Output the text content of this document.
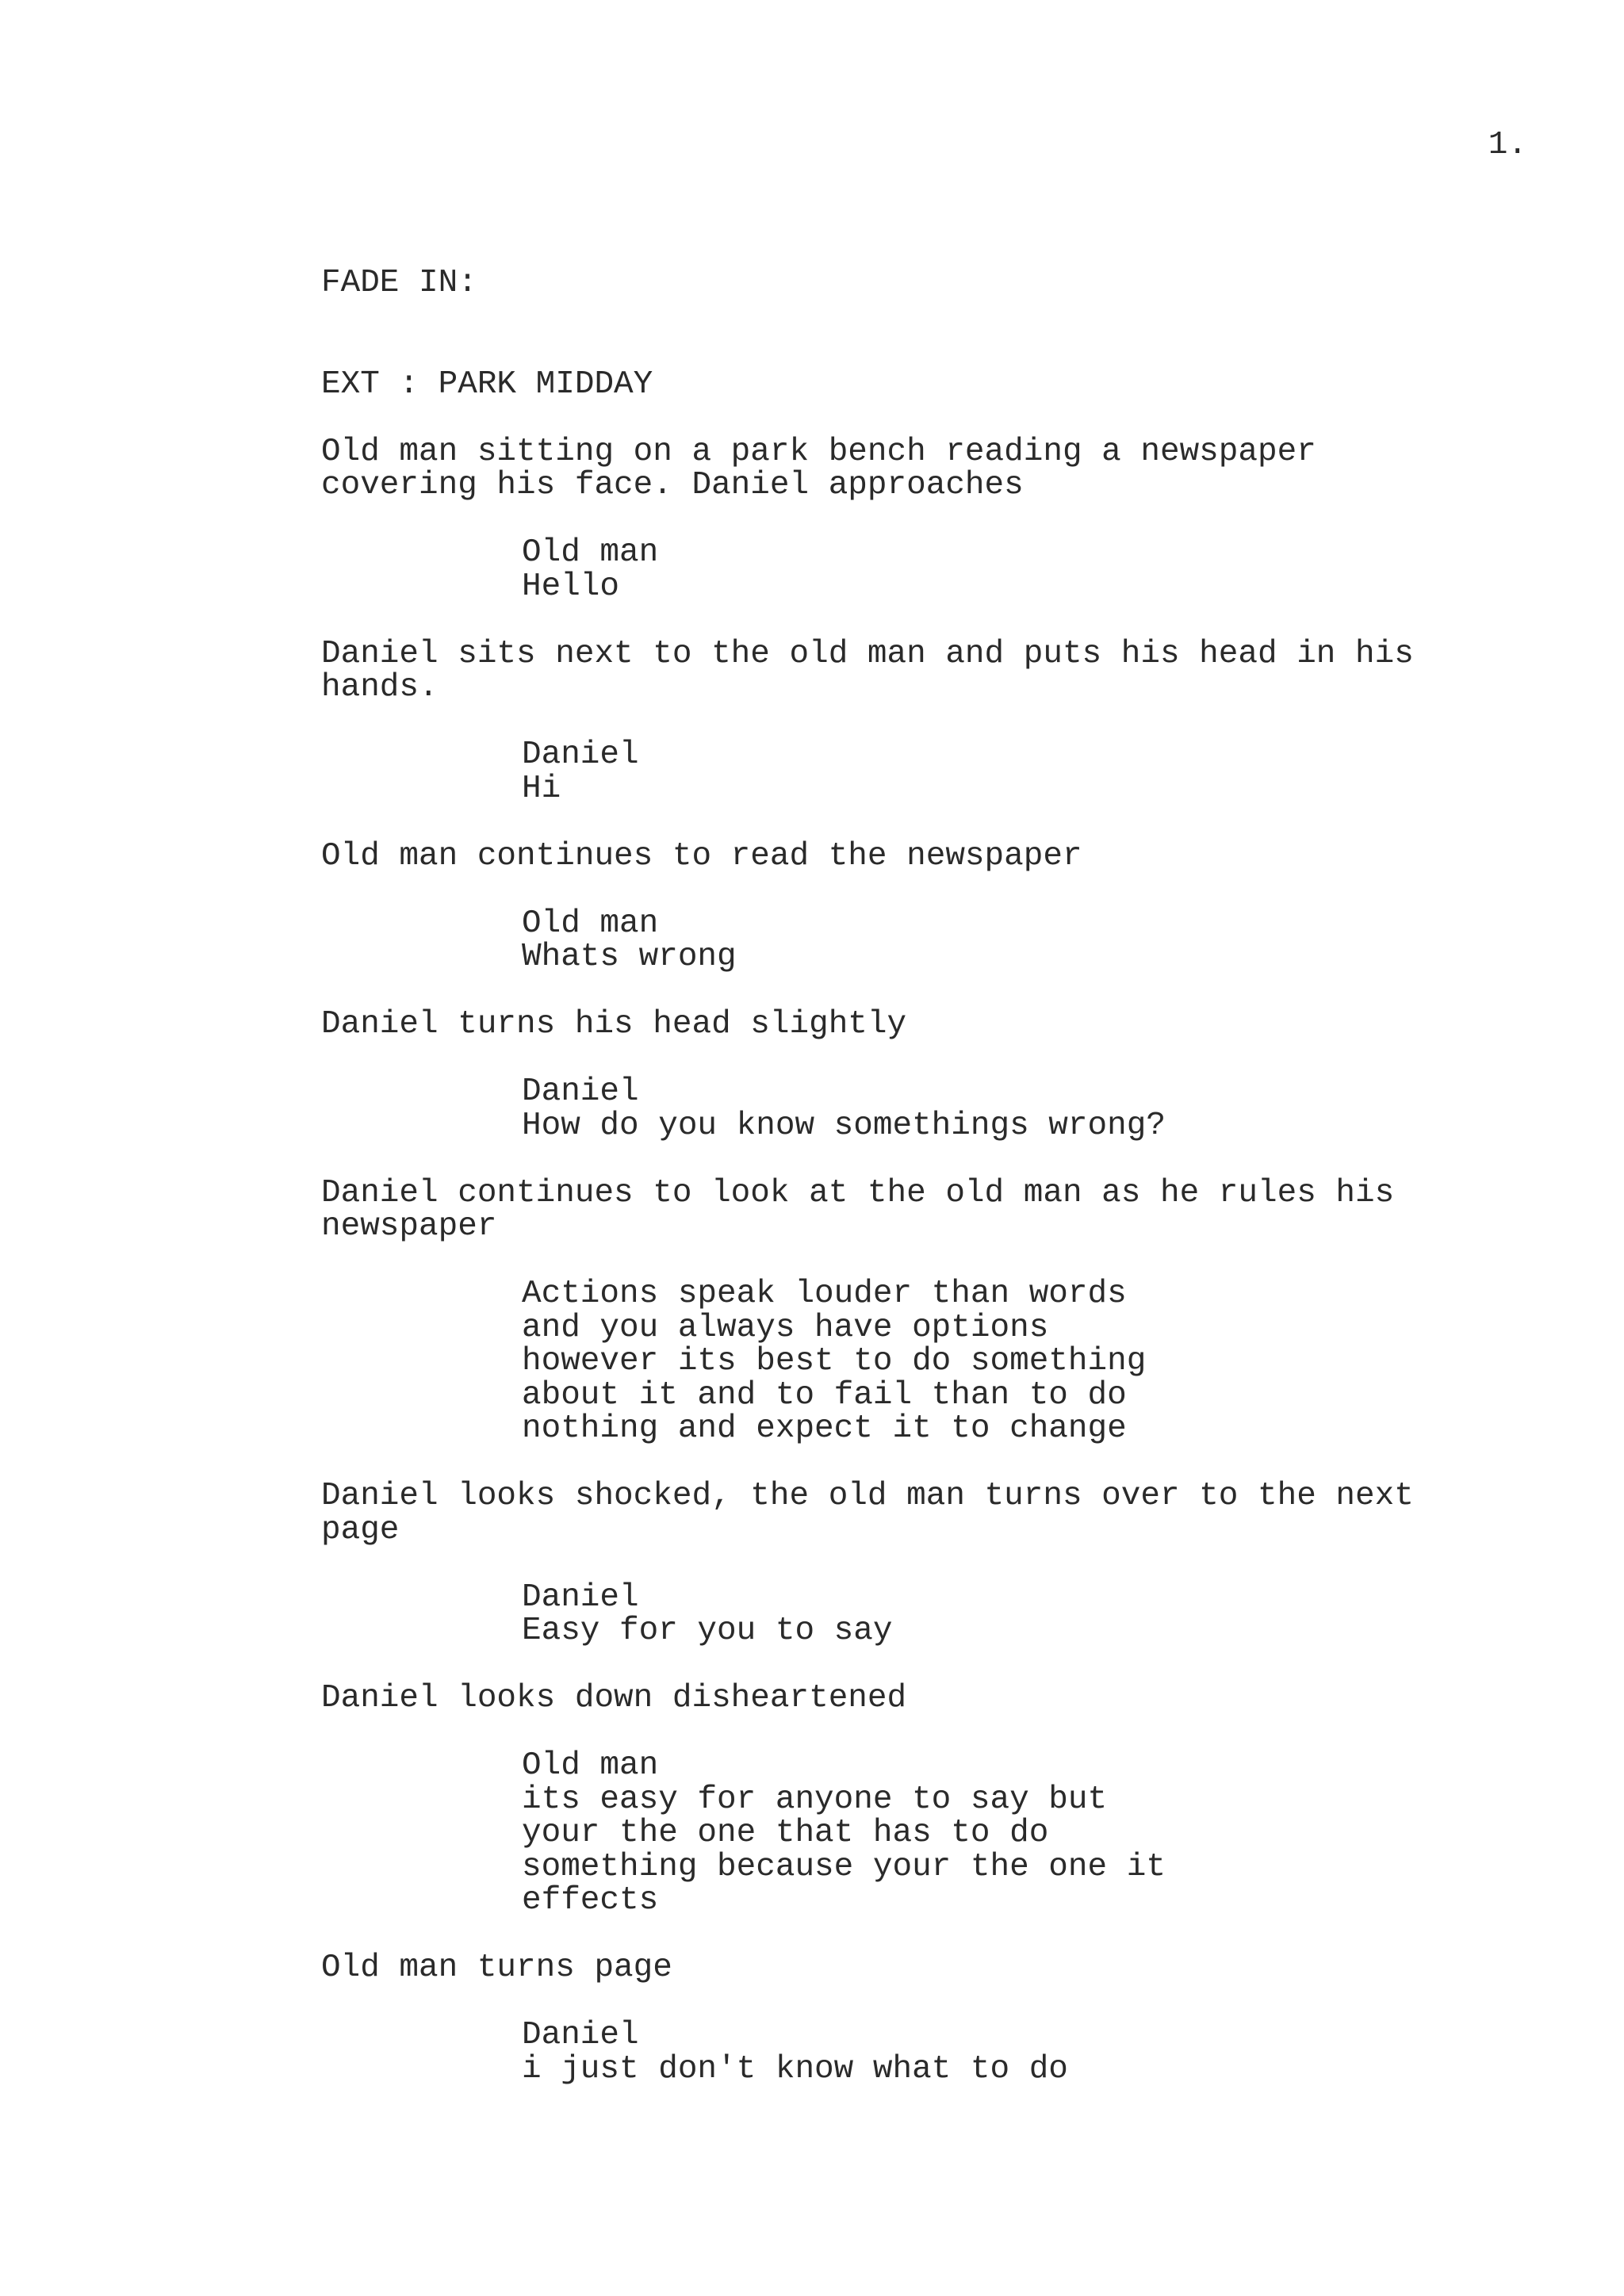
1.
FADE IN:
EXT : PARK MIDDAY
Old man sitting on a park bench reading a newspaper
covering his face. Daniel approaches
Old man
Hello
Daniel sits next to the old man and puts his head in his
hands.
Daniel
Hi
Old man continues to read the newspaper
Old man
Whats wrong
Daniel turns his head slightly
Daniel
How do you know somethings wrong?
Daniel continues to look at the old man as he rules his
newspaper
Actions speak louder than words
and you always have options
however its best to do something
about it and to fail than to do
nothing and expect it to change
Daniel looks shocked, the old man turns over to the next
page
Daniel
Easy for you to say
Daniel looks down disheartened
Old man
its easy for anyone to say but
your the one that has to do
something because your the one it
effects
Old man turns page
Daniel
i just don't know what to do
